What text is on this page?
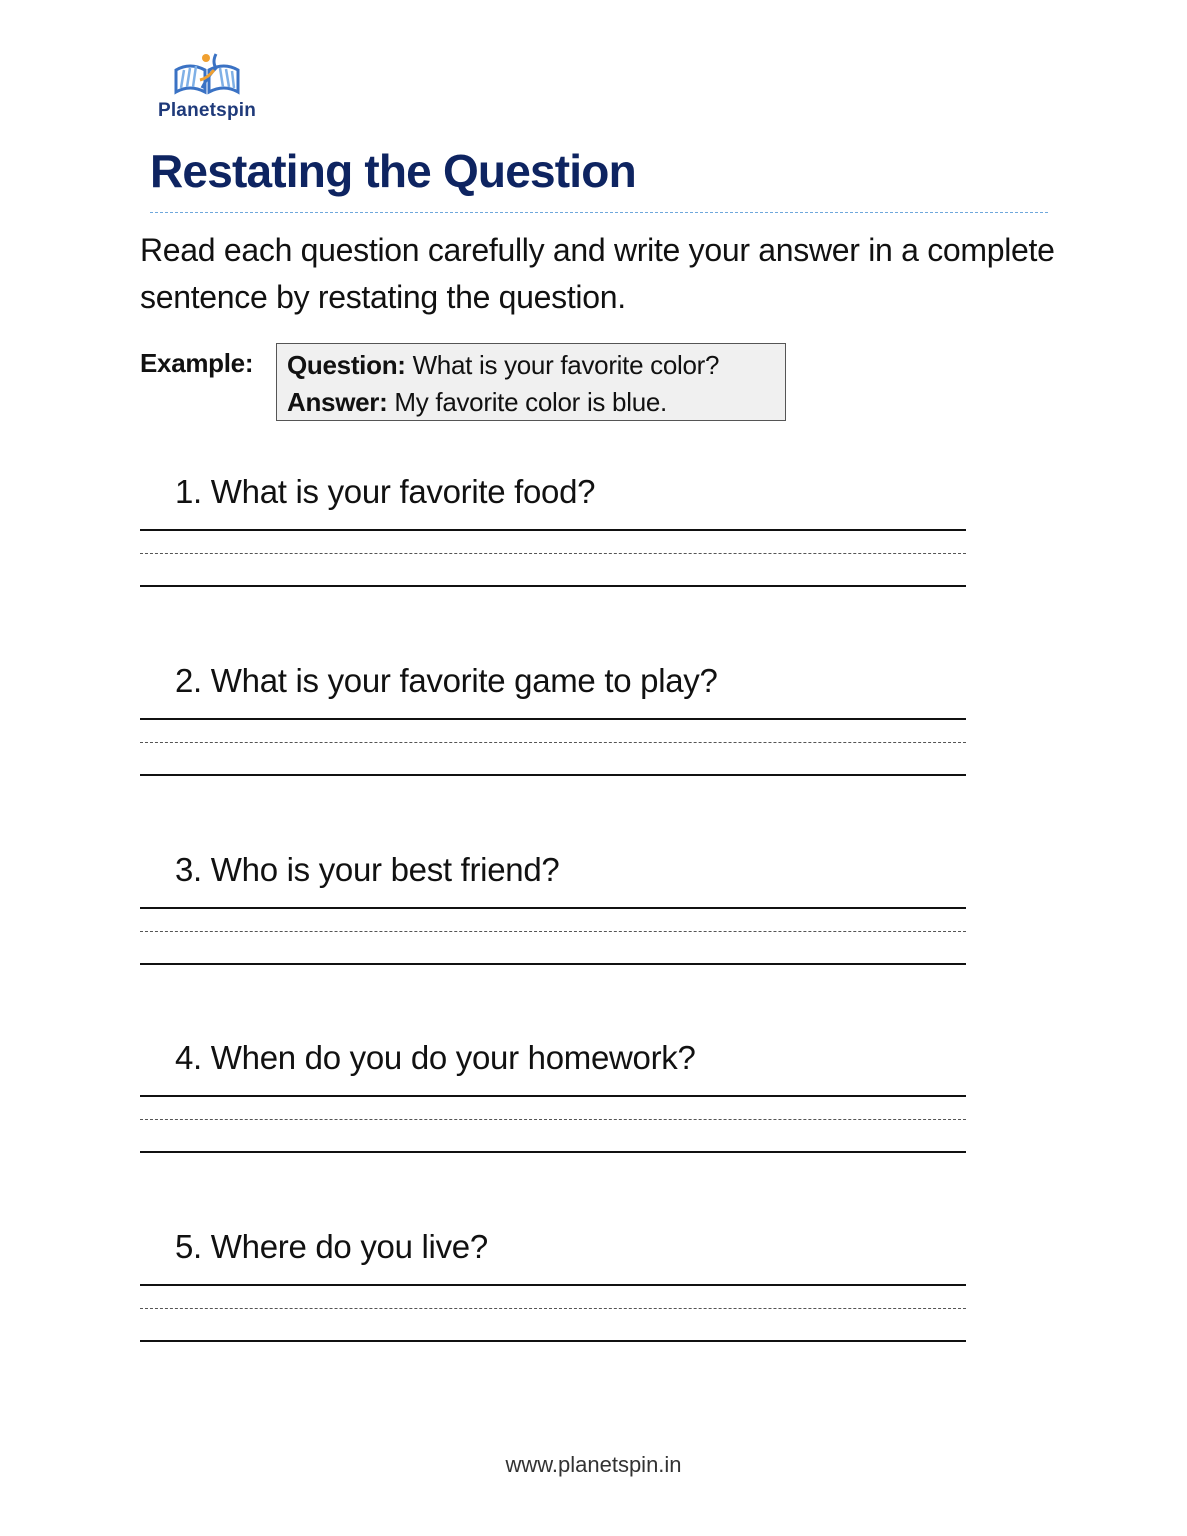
Planetspin
Restating the Question

Read each question carefully and write your answer in a complete sentence by restating the question.

Example: Question: What is your favorite color?
Answer: My favorite color is blue.
1. What is your favorite food?
2. What is your favorite game to play?
3. Who is your best friend?
4. When do you do your homework?
5. Where do you live?
www.planetspin.in
